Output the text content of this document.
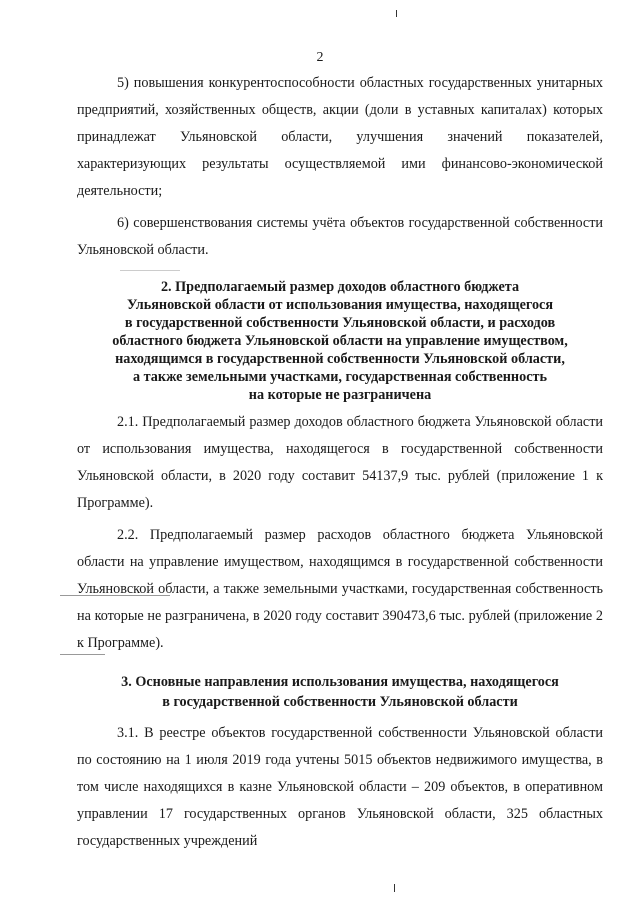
2

5) повышения конкурентоспособности областных государственных унитарных предприятий, хозяйственных обществ, акции (доли в уставных капиталах) которых принадлежат Ульяновской области, улучшения значений показателей, характеризующих результаты осуществляемой ими финансово-экономической деятельности;

6) совершенствования системы учёта объектов государственной собственности Ульяновской области.

2. Предполагаемый размер доходов областного бюджета
Ульяновской области от использования имущества, находящегося
в государственной собственности Ульяновской области, и расходов
областного бюджета Ульяновской области на управление имуществом,
находящимся в государственной собственности Ульяновской области,
а также земельными участками, государственная собственность
на которые не разграничена

2.1. Предполагаемый размер доходов областного бюджета Ульяновской области от использования имущества, находящегося в государственной собственности Ульяновской области, в 2020 году составит 54137,9 тыс. рублей (приложение 1 к Программе).

2.2. Предполагаемый размер расходов областного бюджета Ульяновской области на управление имуществом, находящимся в государственной собственности Ульяновской области, а также земельными участками, государственная собственность на которые не разграничена, в 2020 году составит 390473,6 тыс. рублей (приложение 2 к Программе).

3. Основные направления использования имущества, находящегося
в государственной собственности Ульяновской области

3.1. В реестре объектов государственной собственности Ульяновской области по состоянию на 1 июля 2019 года учтены 5015 объектов недвижимого имущества, в том числе находящихся в казне Ульяновской области – 209 объектов, в оперативном управлении 17 государственных органов Ульяновской области, 325 областных государственных учреждений
